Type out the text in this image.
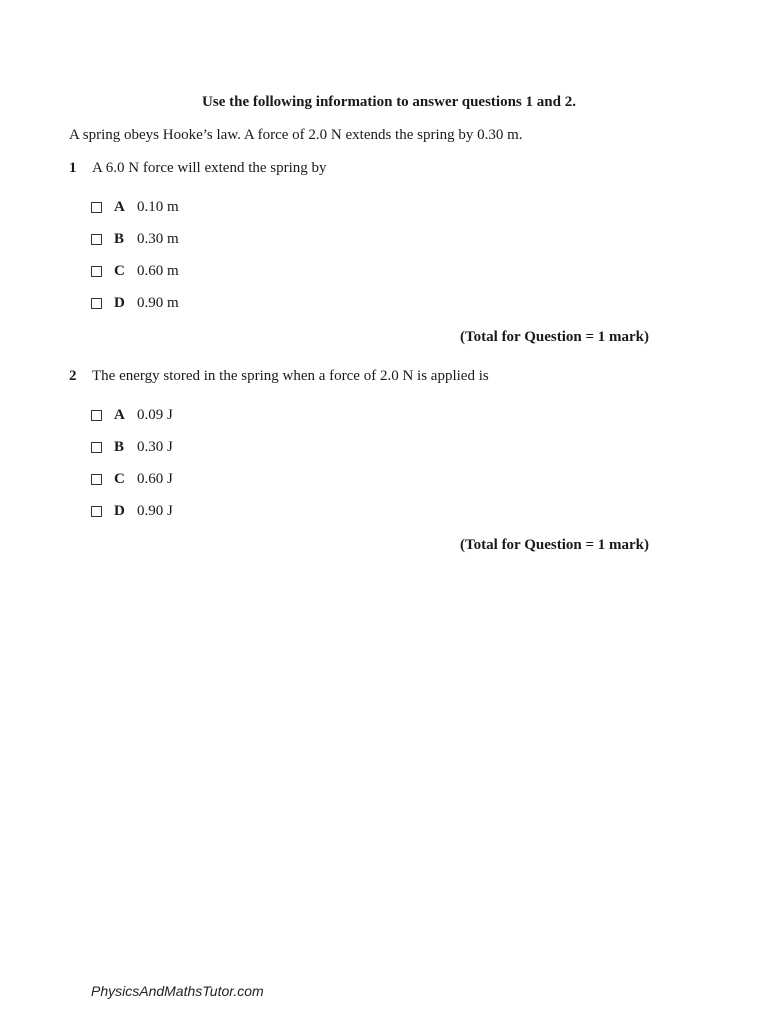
Use the following information to answer questions 1 and 2.
A spring obeys Hooke’s law. A force of 2.0 N extends the spring by 0.30 m.
1	A 6.0 N force will extend the spring by
A 0.10 m
B 0.30 m
C 0.60 m
D 0.90 m
(Total for Question = 1 mark)
2	The energy stored in the spring when a force of 2.0 N is applied is
A 0.09 J
B 0.30 J
C 0.60 J
D 0.90 J
(Total for Question = 1 mark)
PhysicsAndMathsTutor.com
